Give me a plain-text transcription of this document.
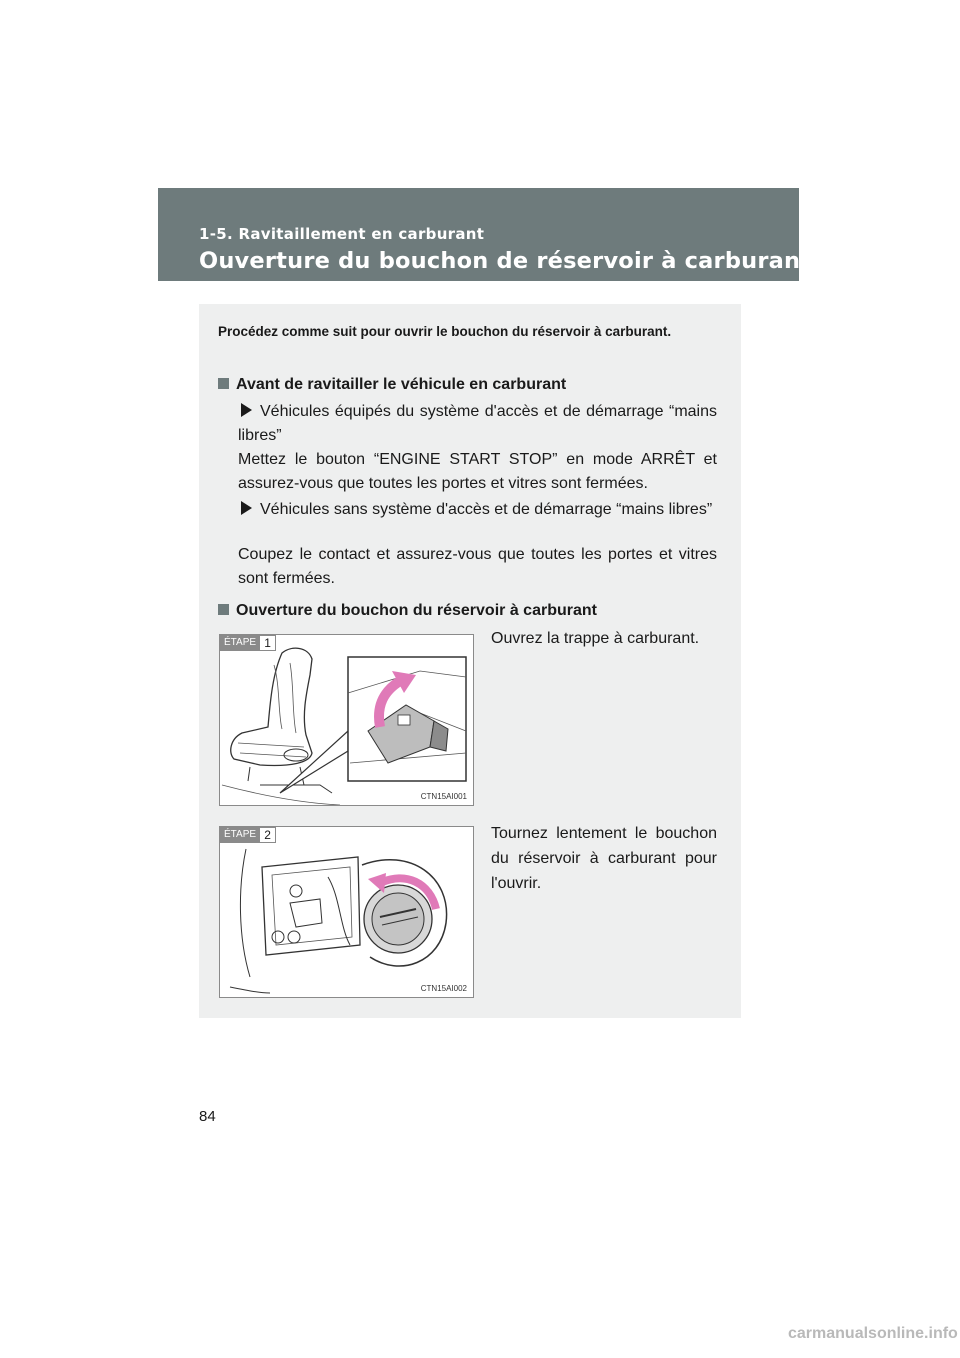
1-5. Ravitaillement en carburant
Ouverture du bouchon de réservoir à carburant
Procédez comme suit pour ouvrir le bouchon du réservoir à carburant.
Avant de ravitailler le véhicule en carburant
Véhicules équipés du système d'accès et de démarrage “mains libres”
Mettez le bouton “ENGINE START STOP” en mode ARRÊT et assurez-vous que toutes les portes et vitres sont fermées.
Véhicules sans système d'accès et de démarrage “mains libres”
Coupez le contact et assurez-vous que toutes les portes et vitres sont fermées.
Ouverture du bouchon du réservoir à carburant
ÉTAPE 1
CTN15AI001
Ouvrez la trappe à carburant.
ÉTAPE 2
CTN15AI002
Tournez lentement le bouchon du réservoir à carburant pour l'ouvrir.
84
carmanualsonline.info
